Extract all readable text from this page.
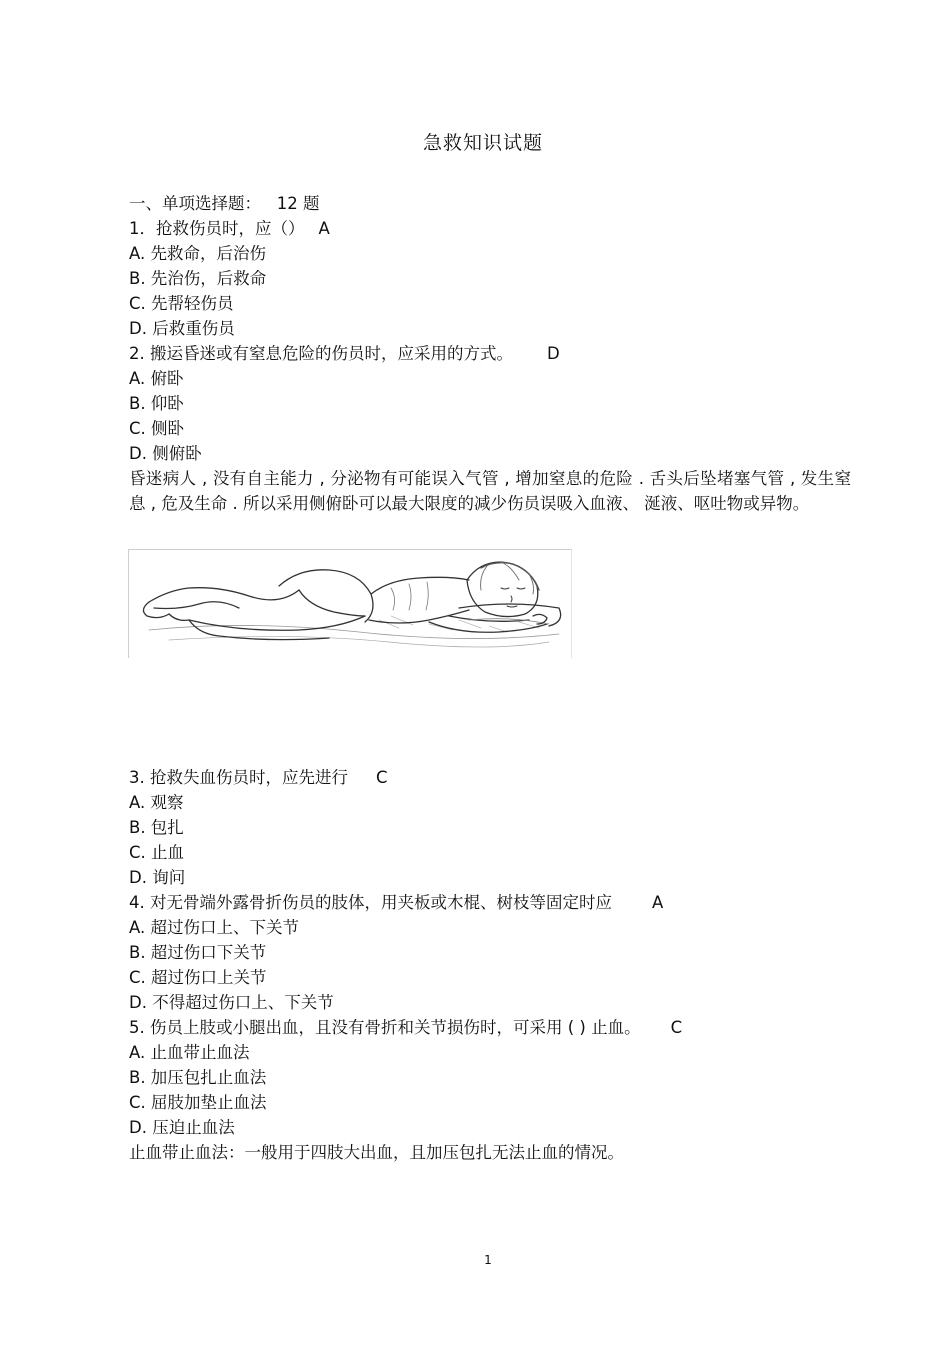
急救知识试题
一、单项选择题：   12 题
1．抢救伤员时，应（） A
A. 先救命，后治伤
B. 先治伤，后救命
C. 先帮轻伤员
D. 后救重伤员
2. 搬运昏迷或有窒息危险的伤员时，应采用的方式。 D
A. 俯卧
B. 仰卧
C. 侧卧
D. 侧俯卧
昏迷病人 , 没有自主能力 , 分泌物有可能误入气管 , 增加窒息的危险 . 舌头后坠堵塞气管 , 发生窒息 , 危及生命 . 所以采用侧俯卧可以最大限度的减少伤员误吸入血液、 涎液、呕吐物或异物。
3. 抢救失血伤员时，应先进行 C
A. 观察
B. 包扎
C. 止血
D. 询问
4. 对无骨端外露骨折伤员的肢体，用夹板或木棍、树枝等固定时应 A
A. 超过伤口上、下关节
B. 超过伤口下关节
C. 超过伤口上关节
D. 不得超过伤口上、下关节
5. 伤员上肢或小腿出血，且没有骨折和关节损伤时，可采用 ( ) 止血。 C
A. 止血带止血法
B. 加压包扎止血法
C. 屈肢加垫止血法
D. 压迫止血法
止血带止血法：一般用于四肢大出血，且加压包扎无法止血的情况。
1
